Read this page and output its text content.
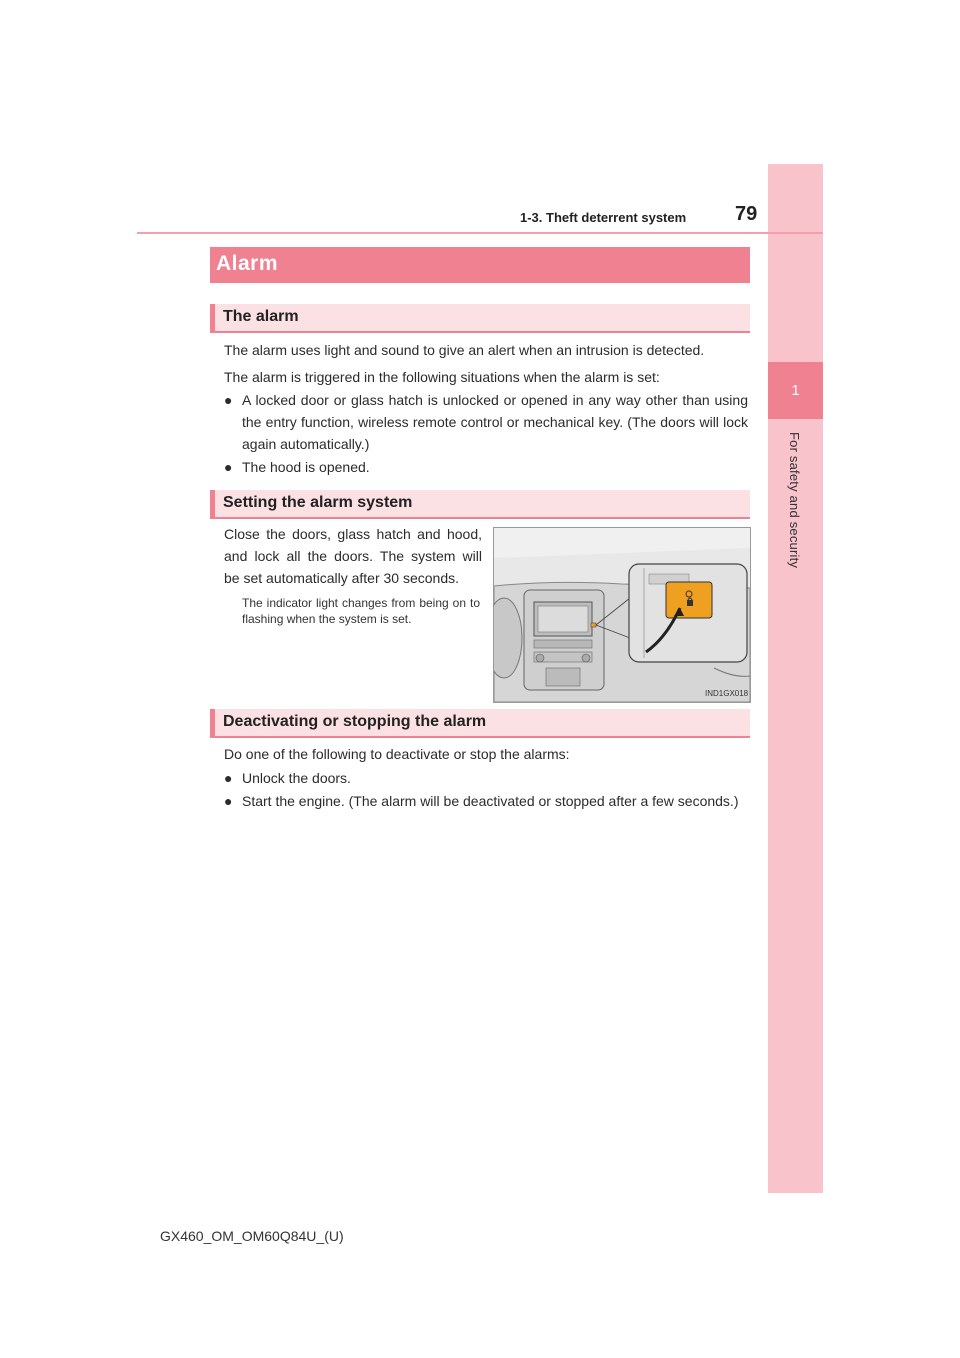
1
For safety and security
1-3. Theft deterrent system 79
Alarm
The alarm
The alarm uses light and sound to give an alert when an intrusion is detected.
The alarm is triggered in the following situations when the alarm is set:
● A locked door or glass hatch is unlocked or opened in any way other than using the entry function, wireless remote control or mechanical key. (The doors will lock again automatically.)
● The hood is opened.
Setting the alarm system
Close the doors, glass hatch and hood,
and lock all the doors. The system will
be set automatically after 30 seconds.
The indicator light changes from being on to flashing when the system is set.
IND1GX018
Deactivating or stopping the alarm
Do one of the following to deactivate or stop the alarms:
● Unlock the doors.
● Start the engine. (The alarm will be deactivated or stopped after a few seconds.)
GX460_OM_OM60Q84U_(U)
